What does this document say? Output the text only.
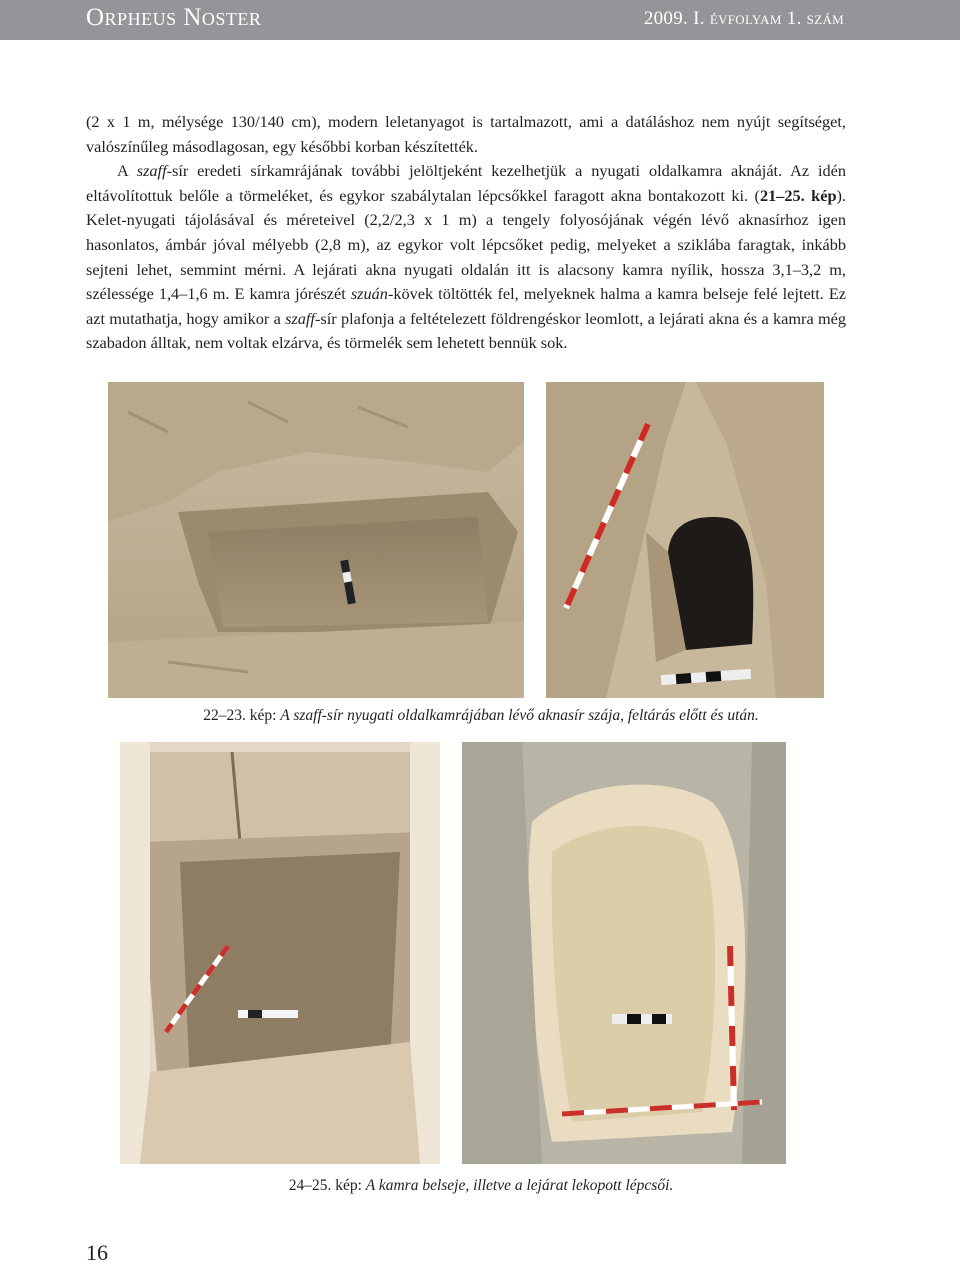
Orpheus Noster	2009. I. évfolyam 1. szám

(2 x 1 m, mélysége 130/140 cm), modern leletanyagot is tartalmazott, ami a datáláshoz nem nyújt segítséget, valószínűleg másodlagosan, egy későbbi korban készítették.

A szaff-sír eredeti sírkamrájának további jelöltjeként kezelhetjük a nyugati oldalkamra aknáját. Az idén eltávolítottuk belőle a törmeléket, és egykor szabálytalan lépcsőkkel faragott akna bontakozott ki. (21–25. kép). Kelet-nyugati tájolásával és méreteivel (2,2/2,3 x 1 m) a tengely folyosójának végén lévő aknasírhoz igen hasonlatos, ámbár jóval mélyebb (2,8 m), az egykor volt lépcsőket pedig, melyeket a sziklába faragtak, inkább sejteni lehet, semmint mérni. A lejárati akna nyugati oldalán itt is alacsony kamra nyílik, hossza 3,1–3,2 m, szélessége 1,4–1,6 m. E kamra jórészét szuán-kövek töltötték fel, melyeknek halma a kamra belseje felé lejtett. Ez azt mutathatja, hogy amikor a szaff-sír plafonja a feltételezett földrengéskor leomlott, a lejárati akna és a kamra még szabadon álltak, nem voltak elzárva, és törmelék sem lehetett bennük sok.

22–23. kép: A szaff-sír nyugati oldalkamrájában lévő aknasír szája, feltárás előtt és után.
24–25. kép: A kamra belseje, illetve a lejárat lekopott lépcsői.
16
